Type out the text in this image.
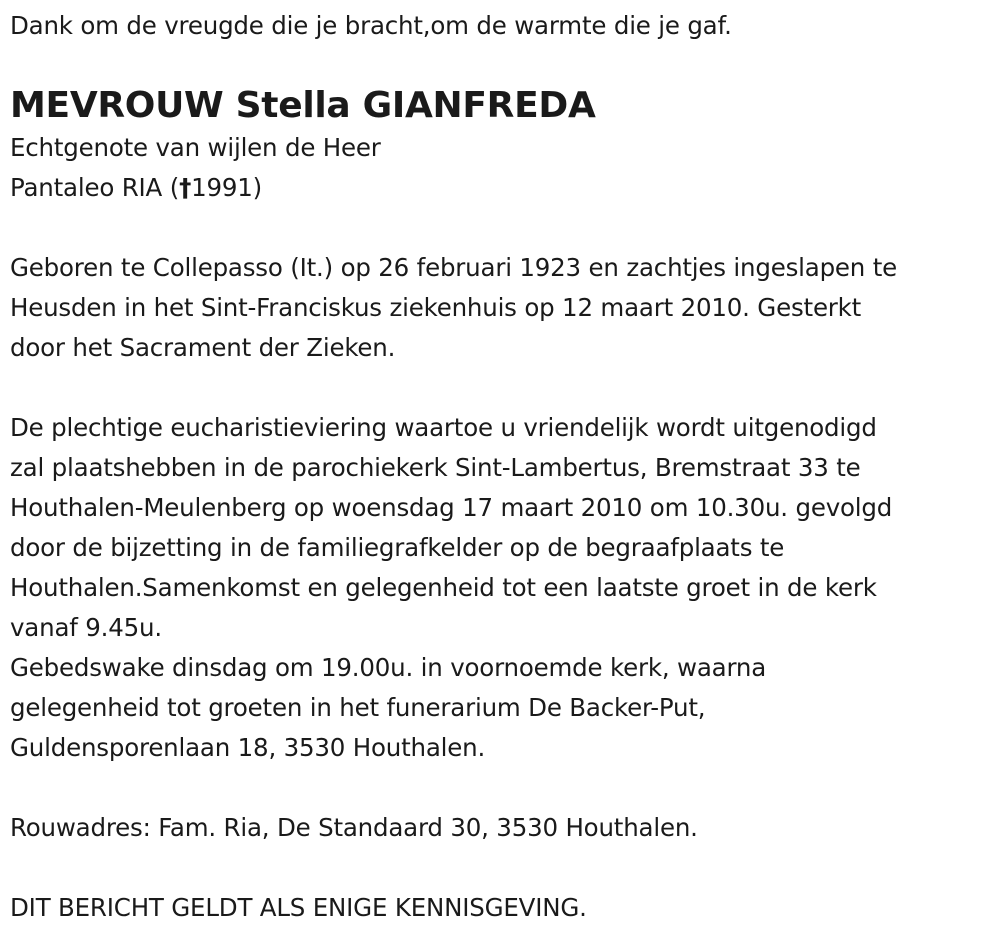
Dank om de vreugde die je bracht,om de warmte die je gaf.
MEVROUW Stella GIANFREDA
Echtgenote van wijlen de Heer
Pantaleo RIA (†1991)
Geboren te Collepasso (It.) op 26 februari 1923 en zachtjes ingeslapen te
Heusden in het Sint-Franciskus ziekenhuis op 12 maart 2010. Gesterkt
door het Sacrament der Zieken.
De plechtige eucharistieviering waartoe u vriendelijk wordt uitgenodigd
zal plaatshebben in de parochiekerk Sint-Lambertus, Bremstraat 33 te
Houthalen-Meulenberg op woensdag 17 maart 2010 om 10.30u. gevolgd
door de bijzetting in de familiegrafkelder op de begraafplaats te
Houthalen.Samenkomst en gelegenheid tot een laatste groet in de kerk
vanaf 9.45u.
Gebedswake dinsdag om 19.00u. in voornoemde kerk, waarna
gelegenheid tot groeten in het funerarium De Backer-Put,
Guldensporenlaan 18, 3530 Houthalen.
Rouwadres: Fam. Ria, De Standaard 30, 3530 Houthalen.
DIT BERICHT GELDT ALS ENIGE KENNISGEVING.
